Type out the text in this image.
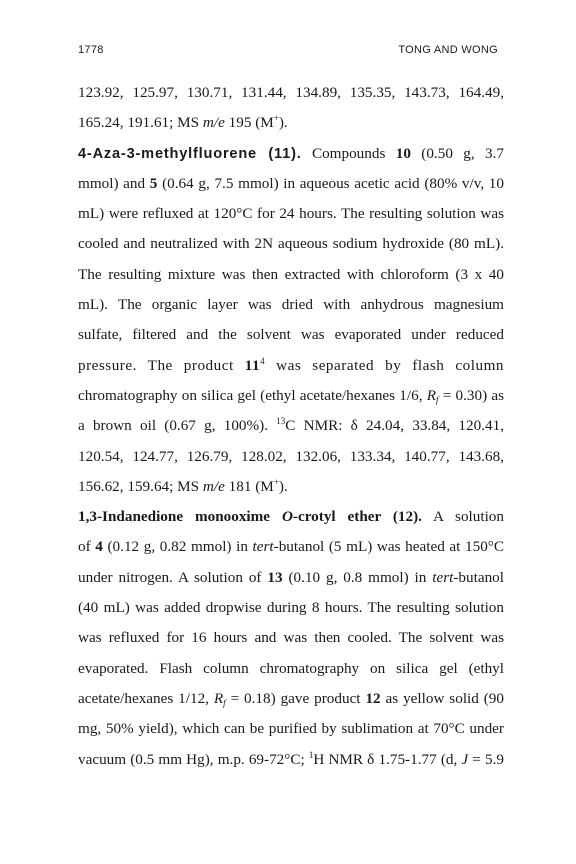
1778	TONG AND WONG
123.92, 125.97, 130.71, 131.44, 134.89, 135.35, 143.73, 164.49,
165.24, 191.61; MS m/e 195 (M+).
4-Aza-3-methylfluorene (11). Compounds 10 (0.50 g, 3.7
mmol) and 5 (0.64 g, 7.5 mmol) in aqueous acetic acid (80% v/v, 10
mL) were refluxed at 120°C for 24 hours. The resulting solution was
cooled and neutralized with 2N aqueous sodium hydroxide (80 mL).
The resulting mixture was then extracted with chloroform (3 x 40
mL). The organic layer was dried with anhydrous magnesium
sulfate, filtered and the solvent was evaporated under reduced
pressure. The product $11^4$ was separated by flash column
chromatography on silica gel (ethyl acetate/hexanes 1/6, $R_f = 0.30$) as
a brown oil (0.67 g, 100%). $^{13}$C NMR: δ 24.04, 33.84, 120.41,
120.54, 124.77, 126.79, 128.02, 132.06, 133.34, 140.77, 143.68,
156.62, 159.64; MS m/e 181 (M+).
1,3-Indanedione monooxime O-crotyl ether (12). A solution
of 4 (0.12 g, 0.82 mmol) in tert-butanol (5 mL) was heated at 150°C
under nitrogen. A solution of 13 (0.10 g, 0.8 mmol) in tert-butanol
(40 mL) was added dropwise during 8 hours. The resulting solution
was refluxed for 16 hours and was then cooled. The solvent was
evaporated. Flash column chromatography on silica gel (ethyl
acetate/hexanes 1/12, $R_f = 0.18$) gave product 12 as yellow solid (90
mg, 50% yield), which can be purified by sublimation at 70°C under
vacuum (0.5 mm Hg), m.p. 69-72°C; $^1$H NMR δ 1.75-1.77 (d, J = 5.9
